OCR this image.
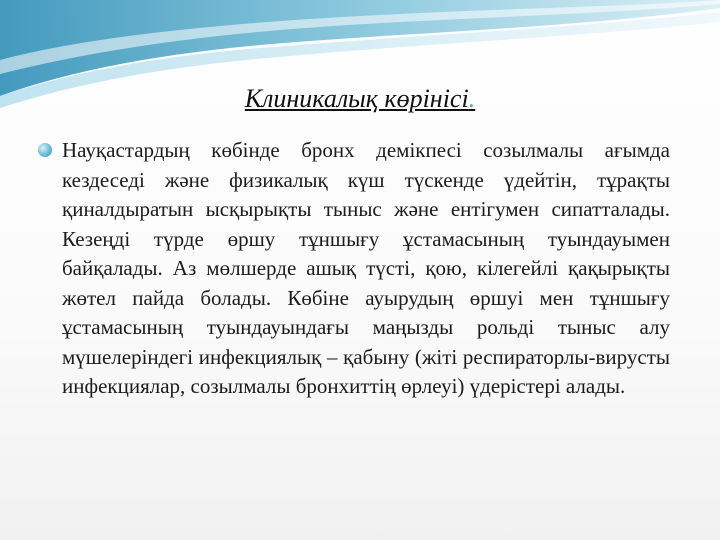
Клиникалық көрінісі.

Науқастардың көбінде бронх демікпесі созылмалы ағымда кездеседі және физикалық күш түскенде үдейтін, тұрақты қиналдыратын ысқырықты тыныс және ентігумен сипатталады. Кезеңді түрде өршу тұншығу ұстамасының туындауымен байқалады. Аз мөлшерде ашық түсті, қою, кілегейлі қақырықты жөтел пайда болады. Көбіне ауырудың өршуі мен тұншығу ұстамасының туындауындағы маңызды рольді тыныс алу мүшелеріндегі инфекциялық – қабыну (жіті респираторлы-вирусты инфекциялар, созылмалы бронхиттің өрлеуі) үдерістері алады.
